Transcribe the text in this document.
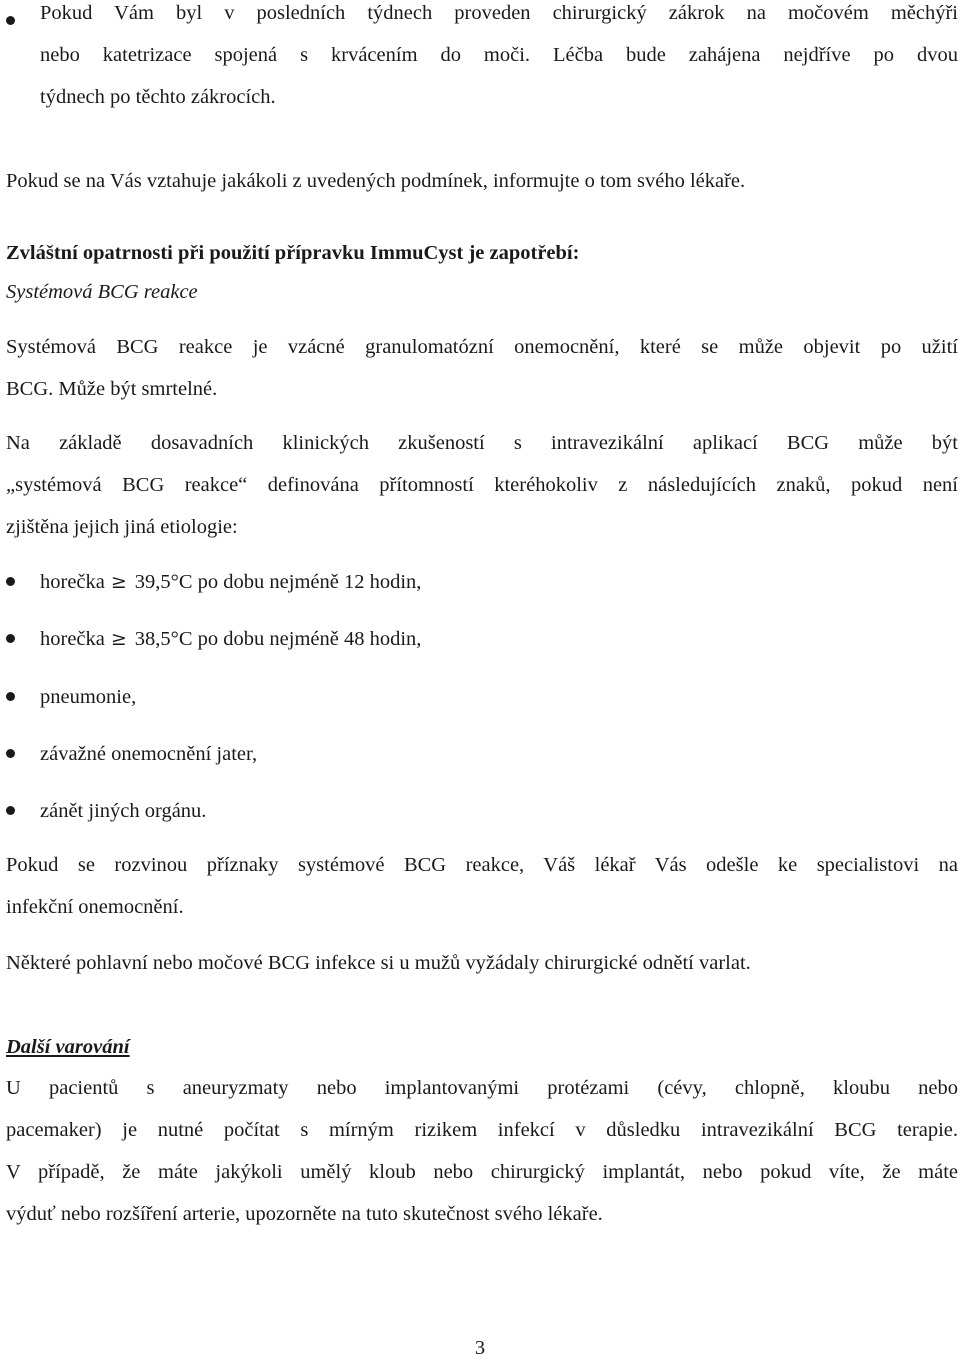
Pokud Vám byl v posledních týdnech proveden chirurgický zákrok na močovém měchýři
nebo katetrizace spojená s krvácením do moči. Léčba bude zahájena nejdříve po dvou
týdnech po těchto zákrocích.
Pokud se na Vás vztahuje jakákoli z uvedených podmínek, informujte o tom svého lékaře.
Zvláštní opatrnosti při použití přípravku ImmuCyst je zapotřebí:
Systémová BCG reakce
Systémová BCG reakce je vzácné granulomatózní onemocnění, které se může objevit po užití
BCG. Může být smrtelné.
Na základě dosavadních klinických zkušeností s intravezikální aplikací BCG může být
„systémová BCG reakce“ definována přítomností kteréhokoliv z následujících znaků, pokud není
zjištěna jejich jiná etiologie:
horečka ≥ 39,5°C po dobu nejméně 12 hodin,
horečka ≥ 38,5°C po dobu nejméně 48 hodin,
pneumonie,
závažné onemocnění jater,
zánět jiných orgánu.
Pokud se rozvinou příznaky systémové BCG reakce, Váš lékař Vás odešle ke specialistovi na
infekční onemocnění.
Některé pohlavní nebo močové BCG infekce si u mužů vyžádaly chirurgické odnětí varlat.
Další varování
U pacientů s aneuryzmaty nebo implantovanými protézami (cévy, chlopně, kloubu nebo
pacemaker) je nutné počítat s mírným rizikem infekcí v důsledku intravezikální BCG terapie.
V případě, že máte jakýkoli umělý kloub nebo chirurgický implantát, nebo pokud víte, že máte
výduť nebo rozšíření arterie, upozorněte na tuto skutečnost svého lékaře.
3
